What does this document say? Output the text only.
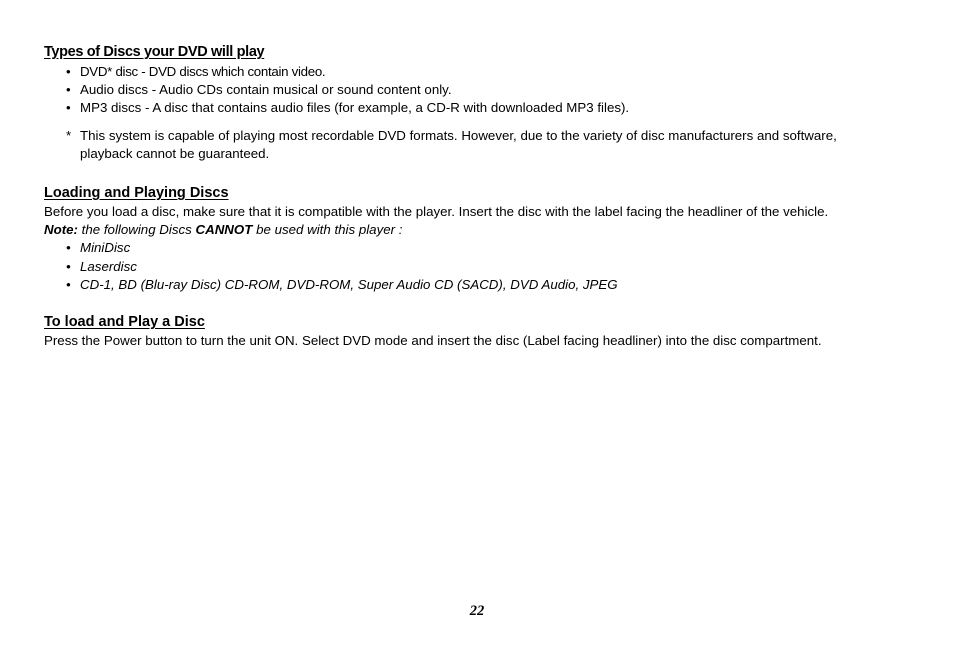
Types of Discs your DVD will play
• DVD* disc - DVD discs which contain video.
• Audio discs - Audio CDs contain musical or sound content only.
• MP3 discs - A disc that contains audio files (for example, a CD-R with downloaded MP3 files).
* This system is capable of playing most recordable DVD formats. However, due to the variety of disc manufacturers and software,
playback cannot be guaranteed.
Loading and Playing Discs
Before you load a disc, make sure that it is compatible with the player. Insert the disc with the label facing the headliner of the vehicle.
Note: the following Discs CANNOT be used with this player :
• MiniDisc
• Laserdisc
• CD-1, BD (Blu-ray Disc) CD-ROM, DVD-ROM, Super Audio CD (SACD), DVD Audio, JPEG
To load and Play a Disc
Press the Power button to turn the unit ON. Select DVD mode and insert the disc (Label facing headliner) into the disc compartment.
22
